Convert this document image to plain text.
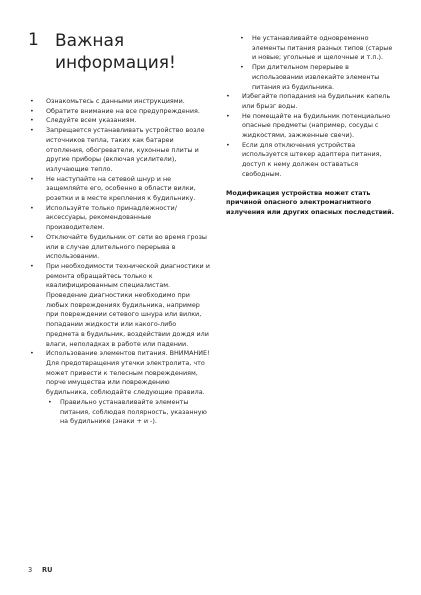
1 Важная
информация!
• Ознакомьтесь с данными инструкциями.
• Обратите внимание на все предупреждения.
• Следуйте всем указаниям.
• Запрещается устанавливать устройство возле источников тепла, таких как батареи отопления, обогреватели, кухонные плиты и другие приборы (включая усилители), излучающие тепло.
• Не наступайте на сетевой шнур и не защемляйте его, особенно в области вилки, розетки и в месте крепления к будильнику.
• Используйте только принадлежности/аксессуары, рекомендованные производителем.
• Отключайте будильник от сети во время грозы или в случае длительного перерыва в использовании.
• При необходимости технической диагностики и ремонта обращайтесь только к квалифицированным специалистам. Проведение диагностики необходимо при любых повреждениях будильника, например при повреждении сетевого шнура или вилки, попадании жидкости или какого-либо предмета в будильник, воздействии дождя или влаги, неполадках в работе или падении.
• Использование элементов питания. ВНИМАНИЕ! Для предотвращения утечки электролита, что может привести к телесным повреждениям, порче имущества или повреждению будильника, соблюдайте следующие правила.
• Правильно устанавливайте элементы питания, соблюдая полярность, указанную на будильнике (знаки + и -).
• Не устанавливайте одновременно элементы питания разных типов (старые и новые; угольные и щелочные и т.п.).
• При длительном перерыве в использовании извлекайте элементы питания из будильника.
• Избегайте попадания на будильник капель или брызг воды.
• Не помещайте на будильник потенциально опасные предметы (например, сосуды с жидкостями, зажженные свечи).
• Если для отключения устройства используется штекер адаптера питания, доступ к нему должен оставаться свободным.
Модификация устройства может стать причиной опасного электромагнитного излучения или других опасных последствий.
3 RU
